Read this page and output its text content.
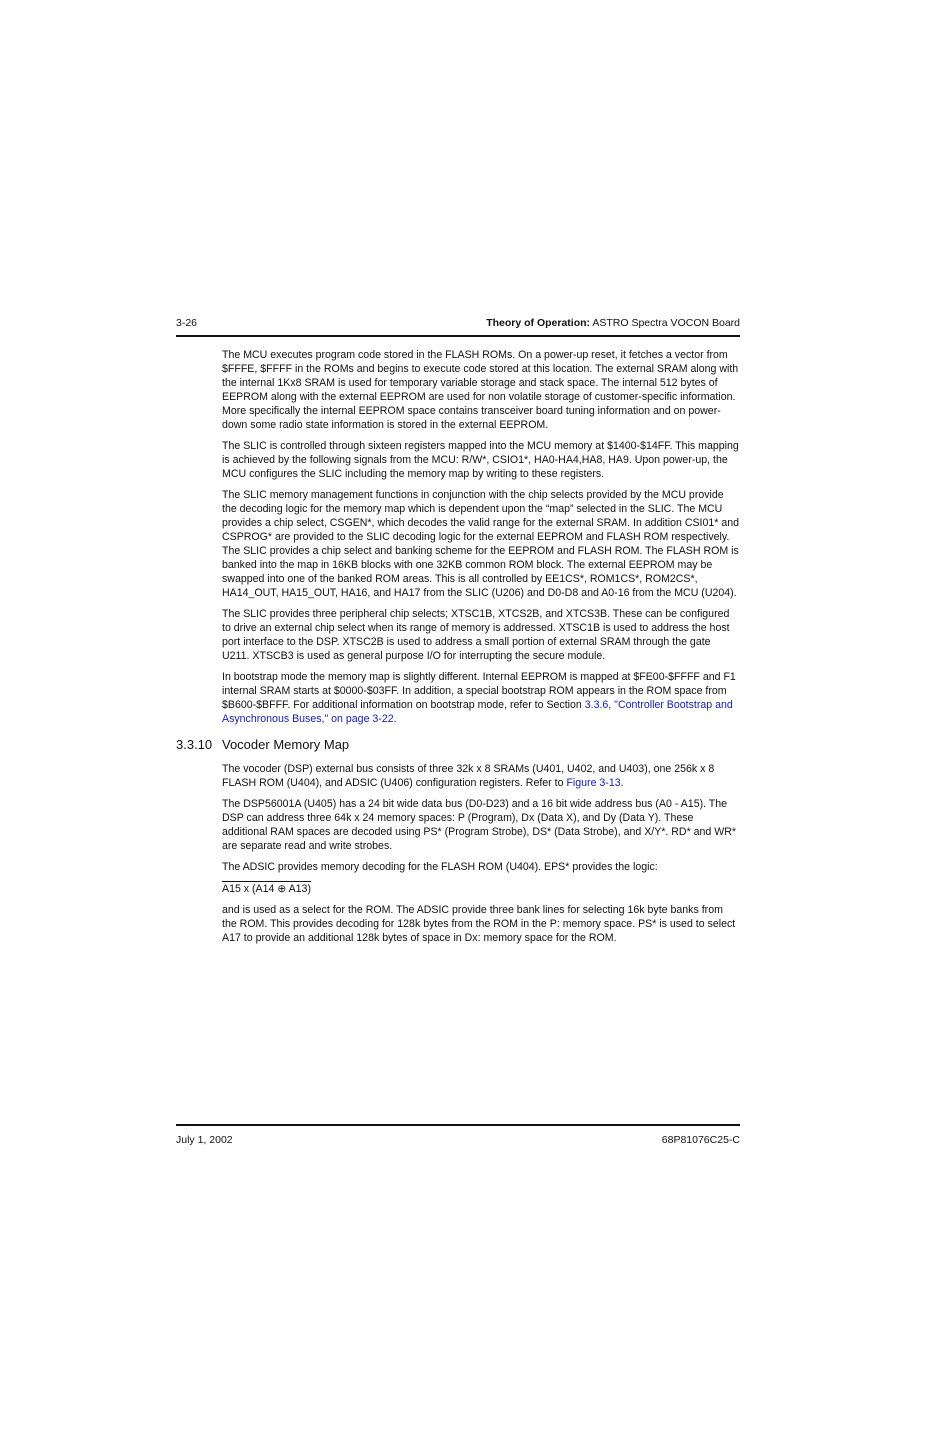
3-26	Theory of Operation: ASTRO Spectra VOCON Board

The MCU executes program code stored in the FLASH ROMs. On a power-up reset, it fetches a vector from $FFFE, $FFFF in the ROMs and begins to execute code stored at this location. The external SRAM along with the internal 1Kx8 SRAM is used for temporary variable storage and stack space. The internal 512 bytes of EEPROM along with the external EEPROM are used for non volatile storage of customer-specific information. More specifically the internal EEPROM space contains transceiver board tuning information and on power-down some radio state information is stored in the external EEPROM.

The SLIC is controlled through sixteen registers mapped into the MCU memory at $1400-$14FF. This mapping is achieved by the following signals from the MCU: R/W*, CSIO1*, HA0-HA4,HA8, HA9. Upon power-up, the MCU configures the SLIC including the memory map by writing to these registers.

The SLIC memory management functions in conjunction with the chip selects provided by the MCU provide the decoding logic for the memory map which is dependent upon the “map” selected in the SLIC. The MCU provides a chip select, CSGEN*, which decodes the valid range for the external SRAM. In addition CSI01* and CSPROG* are provided to the SLIC decoding logic for the external EEPROM and FLASH ROM respectively. The SLIC provides a chip select and banking scheme for the EEPROM and FLASH ROM. The FLASH ROM is banked into the map in 16KB blocks with one 32KB common ROM block. The external EEPROM may be swapped into one of the banked ROM areas. This is all controlled by EE1CS*, ROM1CS*, ROM2CS*, HA14_OUT, HA15_OUT, HA16, and HA17 from the SLIC (U206) and D0-D8 and A0-16 from the MCU (U204).

The SLIC provides three peripheral chip selects; XTSC1B, XTCS2B, and XTCS3B. These can be configured to drive an external chip select when its range of memory is addressed. XTSC1B is used to address the host port interface to the DSP. XTSC2B is used to address a small portion of external SRAM through the gate U211. XTSCB3 is used as general purpose I/O for interrupting the secure module.

In bootstrap mode the memory map is slightly different. Internal EEPROM is mapped at $FE00-$FFFF and F1 internal SRAM starts at $0000-$03FF. In addition, a special bootstrap ROM appears in the ROM space from $B600-$BFFF. For additional information on bootstrap mode, refer to Section 3.3.6, "Controller Bootstrap and Asynchronous Buses," on page 3-22.

3.3.10 Vocoder Memory Map

The vocoder (DSP) external bus consists of three 32k x 8 SRAMs (U401, U402, and U403), one 256k x 8 FLASH ROM (U404), and ADSIC (U406) configuration registers. Refer to Figure 3-13.

The DSP56001A (U405) has a 24 bit wide data bus (D0-D23) and a 16 bit wide address bus (A0 - A15). The DSP can address three 64k x 24 memory spaces: P (Program), Dx (Data X), and Dy (Data Y). These additional RAM spaces are decoded using PS* (Program Strobe), DS* (Data Strobe), and X/Y*. RD* and WR* are separate read and write strobes.

The ADSIC provides memory decoding for the FLASH ROM (U404). EPS* provides the logic:

A15 x (A14 ⊕ A13)

and is used as a select for the ROM. The ADSIC provide three bank lines for selecting 16k byte banks from the ROM. This provides decoding for 128k bytes from the ROM in the P: memory space. PS* is used to select A17 to provide an additional 128k bytes of space in Dx: memory space for the ROM.

July 1, 2002	68P81076C25-C
